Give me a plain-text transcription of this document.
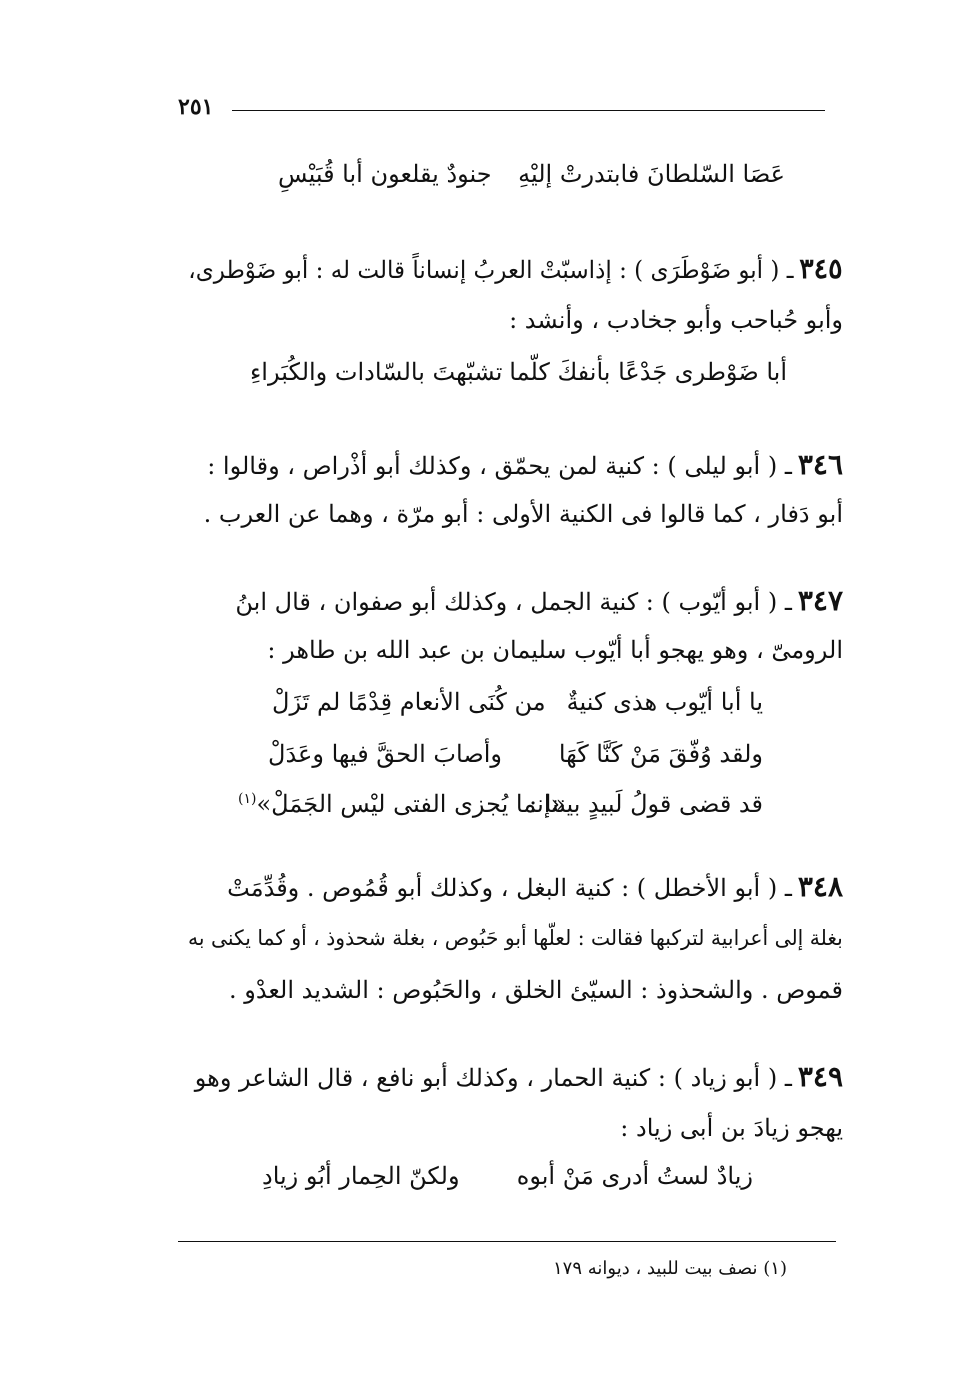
٢٥١
عَصَا السّلطانَ فابتدرتْ إليْهِ
جنودٌ يقلعون أبا قُبَيْسِ
٣٤٥ـ ( أبو ضَوْطَرَى ) : إذاسبّتْ العربُ إنساناً قالت له : أبو ضَوْطرى،
وأبو حُباحب وأبو جخادب ، وأنشد :
أبا ضَوْطرى جَدْعًا بأنفكَ كلّما
تشبّهتَ بالسّادات والكُبَراءِ
٣٤٦ـ ( أبو ليلى ) : كنية لمن يحمّق ، وكذلك أبو أذْراص ، وقالوا :
أبو دَفار ، كما قالوا فى الكنية الأولى : أبو مرّة ، وهما عن العرب .
٣٤٧ـ ( أبو أيّوب ) : كنية الجمل ، وكذلك أبو صفوان ، قال ابنُ
الرومىّ ، وهو يهجو أبا أيّوب سليمان بن عبد الله بن طاهر :
يا أبا أيّوب هذى كنيةٌ
من كُنَى الأنعام قِدْمًا لم تَزَلْ
ولقد وُفّقَ مَنْ كَنَّا كَهَا
وأصابَ الحقَّ فيها وعَدَلْ
قد قضى قولُ لَبيدٍ بيننا :
«إنما يُجزى الفتى ليْس الجَمَلْ»$^{(١)}$
٣٤٨ـ ( أبو الأخطل ) : كنية البغل ، وكذلك أبو قُمُوص . وقُدِّمَتْ
بغلة إلى أعرابية لتركبها فقالت : لعلّها أبو حَبُوص ، بغلة شحذوذ ، أو كما يكنى به
قموص . والشحذوذ : السيّئ الخلق ، والحَبُوص : الشديد العدْو .
٣٤٩ـ ( أبو زياد ) : كنية الحمار ، وكذلك أبو نافع ، قال الشاعر وهو
يهجو زيادَ بن أبى زياد :
زيادٌ لستُ أدرى مَنْ أبوه
ولكنّ الحِمار أبُو زيادِ
(١) نصف بيت للبيد ، ديوانه ١٧٩
